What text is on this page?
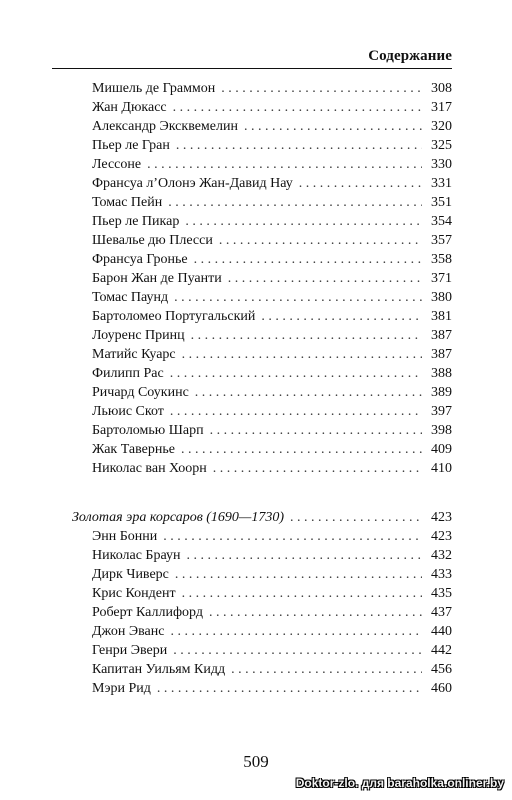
Содержание
Мишель де Граммон . . .	308
Жан Дюкасс . . .	317
Александр Эксквемелин . . .	320
Пьер ле Гран . . .	325
Лессоне . . .	330
Франсуа л’Олонэ Жан-Давид Нау . . .	331
Томас Пейн . . .	351
Пьер ле Пикар . . .	354
Шевалье дю Плесси . . .	357
Франсуа Гронье . . .	358
Барон Жан де Пуанти . . .	371
Томас Паунд . . .	380
Бартоломео Португальский . . .	381
Лоуренс Принц . . .	387
Матийс Куарс . . .	387
Филипп Рас . . .	388
Ричард Соукинс . . .	389
Льюис Скот . . .	397
Бартоломью Шарп . . .	398
Жак Таверньe . . .	409
Николас ван Хоорн . . .	410
Золотая эра корсаров (1690—1730) . . .	423
Энн Бонни . . .	423
Николас Браун . . .	432
Дирк Чиверс . . .	433
Крис Кондент . . .	435
Роберт Каллифорд . . .	437
Джон Эванс . . .	440
Генри Эвери . . .	442
Капитан Уильям Кидд . . .	456
Мэри Рид . . .	460
509
Doktor-zlo. для baraholka.onliner.by
